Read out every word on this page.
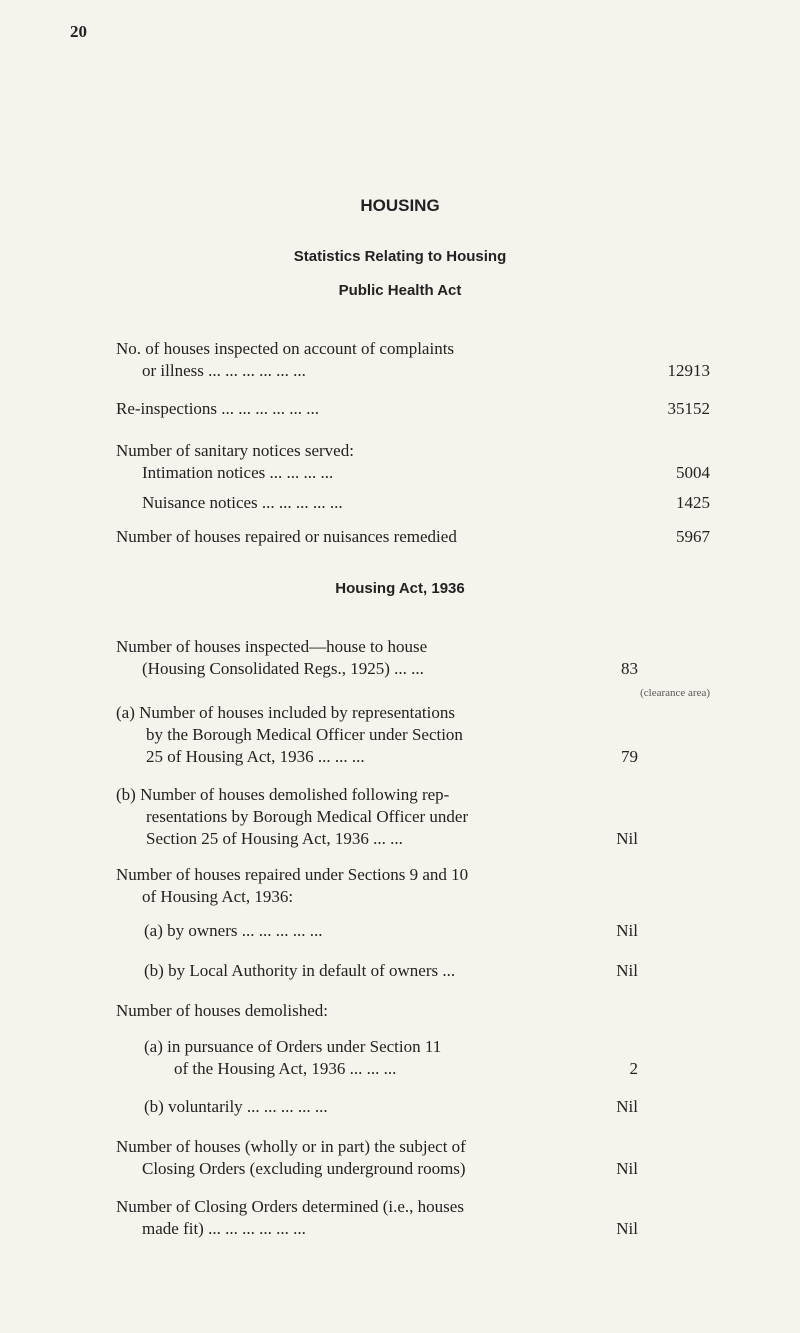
20
HOUSING
Statistics Relating to Housing
Public Health Act
No. of houses inspected on account of complaints
or illness ... ... ... ... ... ...	12913
Re-inspections ... ... ... ... ... ...	35152
Number of sanitary notices served:
Intimation notices ... ... ... ...	5004
Nuisance notices ... ... ... ... ...	1425
Number of houses repaired or nuisances remedied	5967
Housing Act, 1936
Number of houses inspected—house to house
(Housing Consolidated Regs., 1925) ... ...	83
(clearance area)
(a) Number of houses included by representations
by the Borough Medical Officer under Section
25 of Housing Act, 1936 ... ... ...	79
(b) Number of houses demolished following rep-
resentations by Borough Medical Officer under
Section 25 of Housing Act, 1936 ... ...	Nil
Number of houses repaired under Sections 9 and 10
of Housing Act, 1936:
(a) by owners ... ... ... ... ...	Nil
(b) by Local Authority in default of owners ...	Nil
Number of houses demolished:
(a) in pursuance of Orders under Section 11
of the Housing Act, 1936 ... ... ...	2
(b) voluntarily ... ... ... ... ...	Nil
Number of houses (wholly or in part) the subject of
Closing Orders (excluding underground rooms)	Nil
Number of Closing Orders determined (i.e., houses
made fit) ... ... ... ... ... ...	Nil
